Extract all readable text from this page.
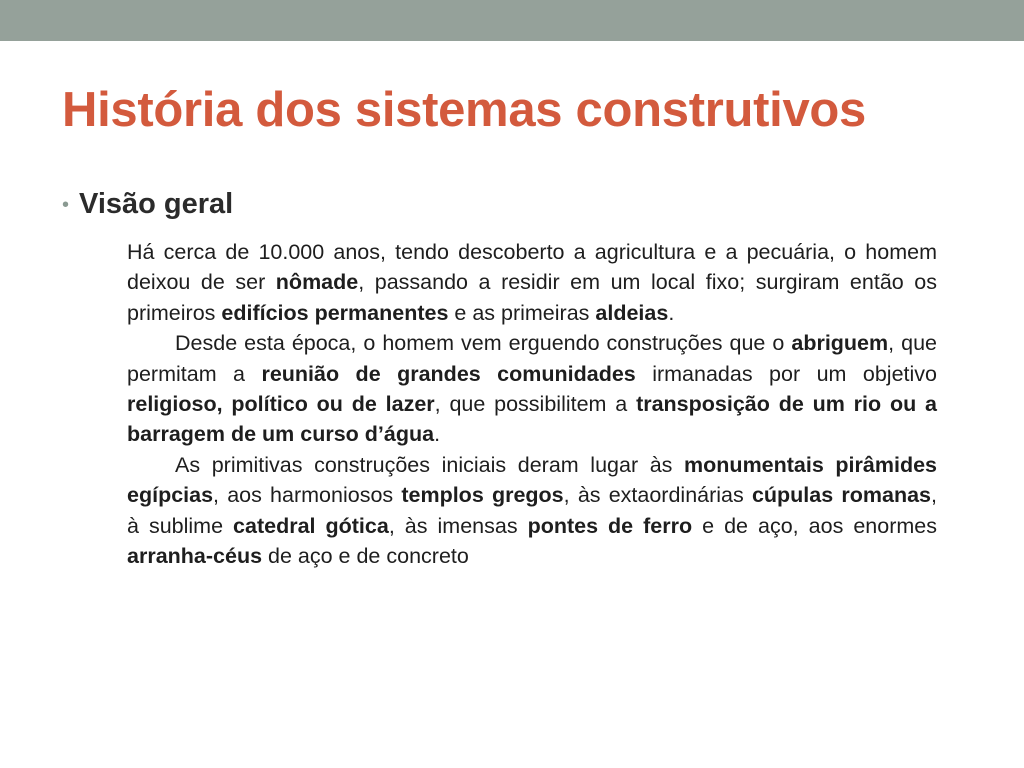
História dos sistemas construtivos
• Visão geral

Há cerca de 10.000 anos, tendo descoberto a agricultura e a pecuária, o homem deixou de ser nômade, passando a residir em um local fixo; surgiram então os primeiros edifícios permanentes e as primeiras aldeias.

Desde esta época, o homem vem erguendo construções que o abriguem, que permitam a reunião de grandes comunidades irmanadas por um objetivo religioso, político ou de lazer, que possibilitem a transposição de um rio ou a barragem de um curso d’água.

As primitivas construções iniciais deram lugar às monumentais pirâmides egípcias, aos harmoniosos templos gregos, às extaordinárias cúpulas romanas, à sublime catedral gótica, às imensas pontes de ferro e de aço, aos enormes arranha-céus de aço e de concreto
